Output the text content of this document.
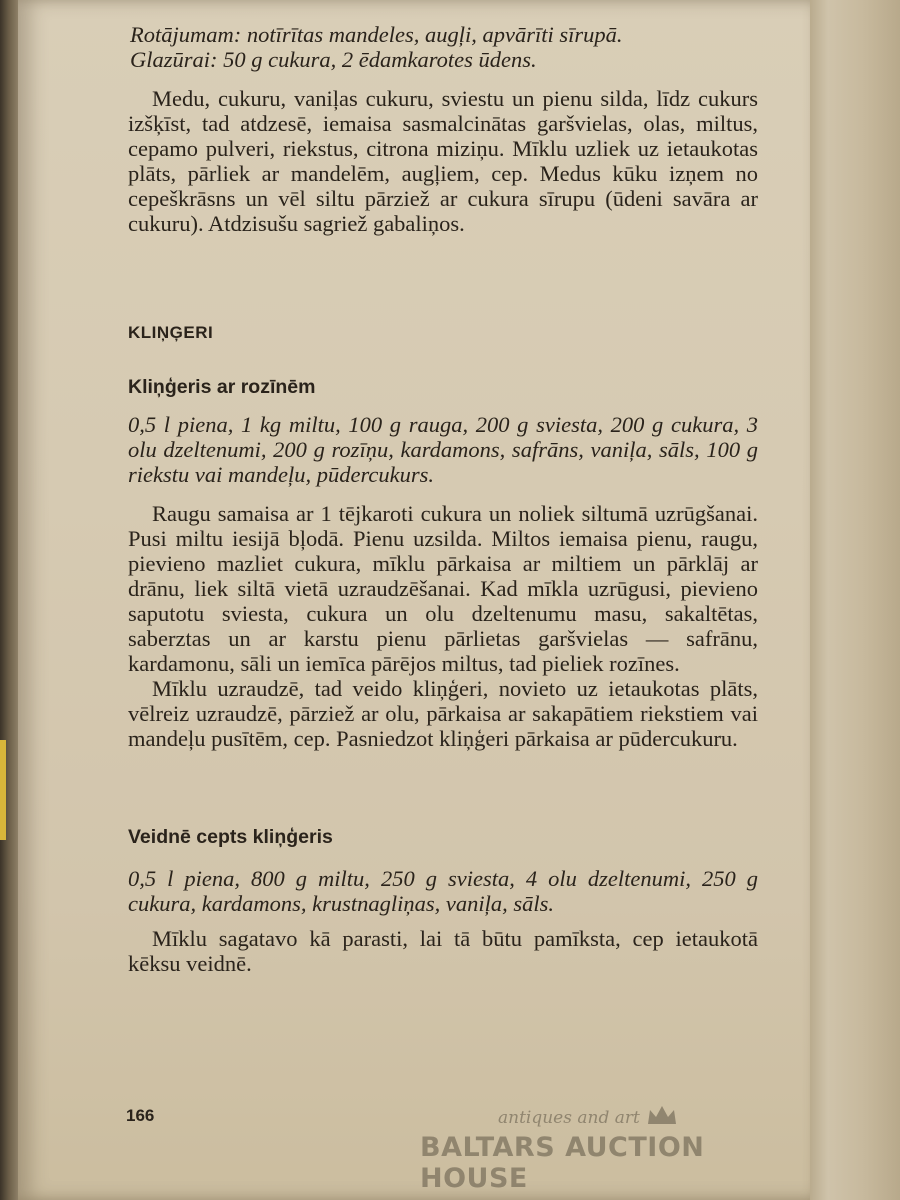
Rotājumam: notīrītas mandeles, augļi, apvārīti sīrupā.

Glazūrai: 50 g cukura, 2 ēdamkarotes ūdens.

Medu, cukuru, vaniļas cukuru, sviestu un pienu silda, līdz cukurs izšķīst, tad atdzesē, iemaisa sasmalcinātas garšvielas, olas, miltus, cepamo pulveri, riekstus, citrona miziņu. Mīklu uzliek uz ietaukotas plāts, pārliek ar mandelēm, augļiem, cep. Medus kūku izņem no cepeškrāsns un vēl siltu pārziež ar cukura sīrupu (ūdeni savāra ar cukuru). Atdzisušu sagriež gabaliņos.

KLIŅĢERI

Kliņģeris ar rozīnēm

0,5 l piena, 1 kg miltu, 100 g rauga, 200 g sviesta, 200 g cukura, 3 olu dzeltenumi, 200 g rozīņu, kardamons, safrāns, vaniļa, sāls, 100 g riekstu vai mandeļu, pūdercukurs.

Raugu samaisa ar 1 tējkaroti cukura un noliek siltumā uzrūgšanai. Pusi miltu iesijā bļodā. Pienu uzsilda. Miltos iemaisa pienu, raugu, pievieno mazliet cukura, mīklu pārkaisa ar miltiem un pārklāj ar drānu, liek siltā vietā uzraudzēšanai. Kad mīkla uzrūgusi, pievieno saputotu sviesta, cukura un olu dzeltenumu masu, sakaltētas, saberztas un ar karstu pienu pārlietas garšvielas — safrānu, kardamonu, sāli un iemīca pārējos miltus, tad pieliek rozīnes.

Mīklu uzraudzē, tad veido kliņģeri, novieto uz ietaukotas plāts, vēlreiz uzraudzē, pārziež ar olu, pārkaisa ar sakapātiem riekstiem vai mandeļu pusītēm, cep. Pasniedzot kliņģeri pārkaisa ar pūdercukuru.

Veidnē cepts kliņģeris

0,5 l piena, 800 g miltu, 250 g sviesta, 4 olu dzeltenumi, 250 g cukura, kardamons, krustnagliņas, vaniļa, sāls.

Mīklu sagatavo kā parasti, lai tā būtu pamīksta, cep ietaukotā kēksu veidnē.

166	antiques and art
BALTARS AUCTION HOUSE
